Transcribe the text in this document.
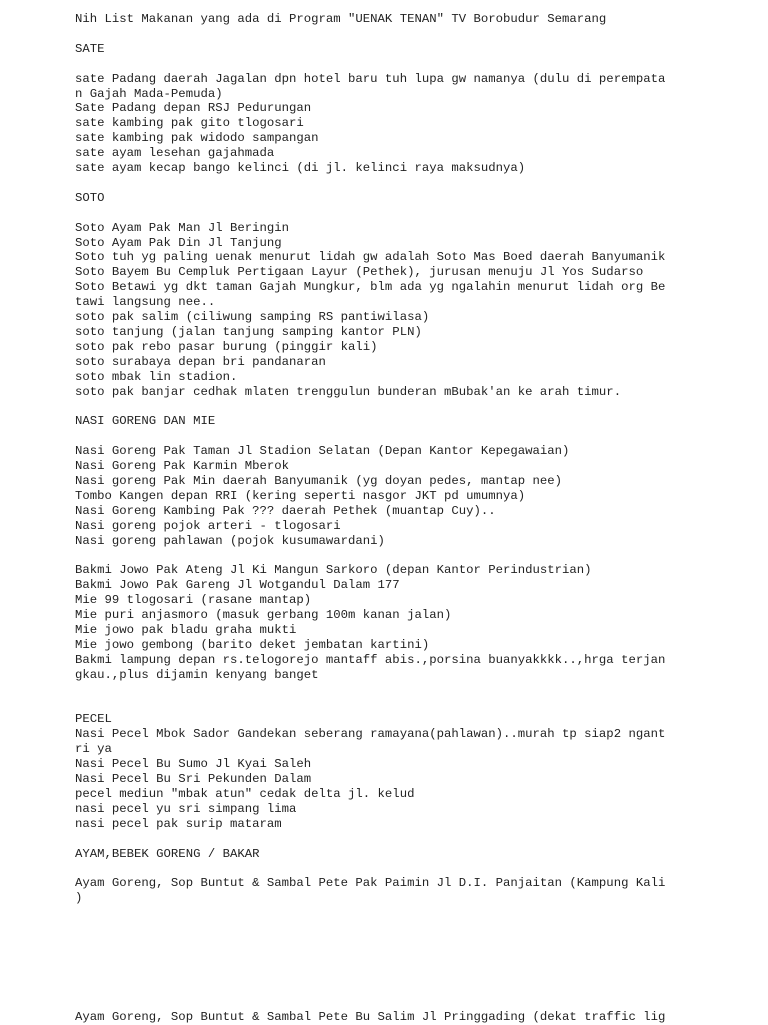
Nih List Makanan yang ada di Program "UENAK TENAN" TV Borobudur Semarang
SATE
sate Padang daerah Jagalan dpn hotel baru tuh lupa gw namanya (dulu di perempata
n Gajah Mada-Pemuda)
Sate Padang depan RSJ Pedurungan
sate kambing pak gito tlogosari
sate kambing pak widodo sampangan
sate ayam lesehan gajahmada
sate ayam kecap bango kelinci (di jl. kelinci raya maksudnya)
SOTO
Soto Ayam Pak Man Jl Beringin
Soto Ayam Pak Din Jl Tanjung
Soto tuh yg paling uenak menurut lidah gw adalah Soto Mas Boed daerah Banyumanik
Soto Bayem Bu Cempluk Pertigaan Layur (Pethek), jurusan menuju Jl Yos Sudarso
Soto Betawi yg dkt taman Gajah Mungkur, blm ada yg ngalahin menurut lidah org Be
tawi langsung nee..
soto pak salim (ciliwung samping RS pantiwilasa)
soto tanjung (jalan tanjung samping kantor PLN)
soto pak rebo pasar burung (pinggir kali)
soto surabaya depan bri pandanaran
soto mbak lin stadion.
soto pak banjar cedhak mlaten trenggulun bunderan mBubak'an ke arah timur.
NASI GORENG DAN MIE
Nasi Goreng Pak Taman Jl Stadion Selatan (Depan Kantor Kepegawaian)
Nasi Goreng Pak Karmin Mberok
Nasi goreng Pak Min daerah Banyumanik (yg doyan pedes, mantap nee)
Tombo Kangen depan RRI (kering seperti nasgor JKT pd umumnya)
Nasi Goreng Kambing Pak ??? daerah Pethek (muantap Cuy)..
Nasi goreng pojok arteri - tlogosari
Nasi goreng pahlawan (pojok kusumawardani)
Bakmi Jowo Pak Ateng Jl Ki Mangun Sarkoro (depan Kantor Perindustrian)
Bakmi Jowo Pak Gareng Jl Wotgandul Dalam 177
Mie 99 tlogosari (rasane mantap)
Mie puri anjasmoro (masuk gerbang 100m kanan jalan)
Mie jowo pak bladu graha mukti
Mie jowo gembong (barito deket jembatan kartini)
Bakmi lampung depan rs.telogorejo mantaff abis.,porsina buanyakkkk..,hrga terjan
gkau.,plus dijamin kenyang banget
PECEL
Nasi Pecel Mbok Sador Gandekan seberang ramayana(pahlawan)..murah tp siap2 ngant
ri ya
Nasi Pecel Bu Sumo Jl Kyai Saleh
Nasi Pecel Bu Sri Pekunden Dalam
pecel mediun "mbak atun" cedak delta jl. kelud
nasi pecel yu sri simpang lima
nasi pecel pak surip mataram
AYAM,BEBEK GORENG / BAKAR
Ayam Goreng, Sop Buntut & Sambal Pete Pak Paimin Jl D.I. Panjaitan (Kampung Kali
)
Ayam Goreng, Sop Buntut & Sambal Pete Bu Salim Jl Pringgading (dekat traffic lig
